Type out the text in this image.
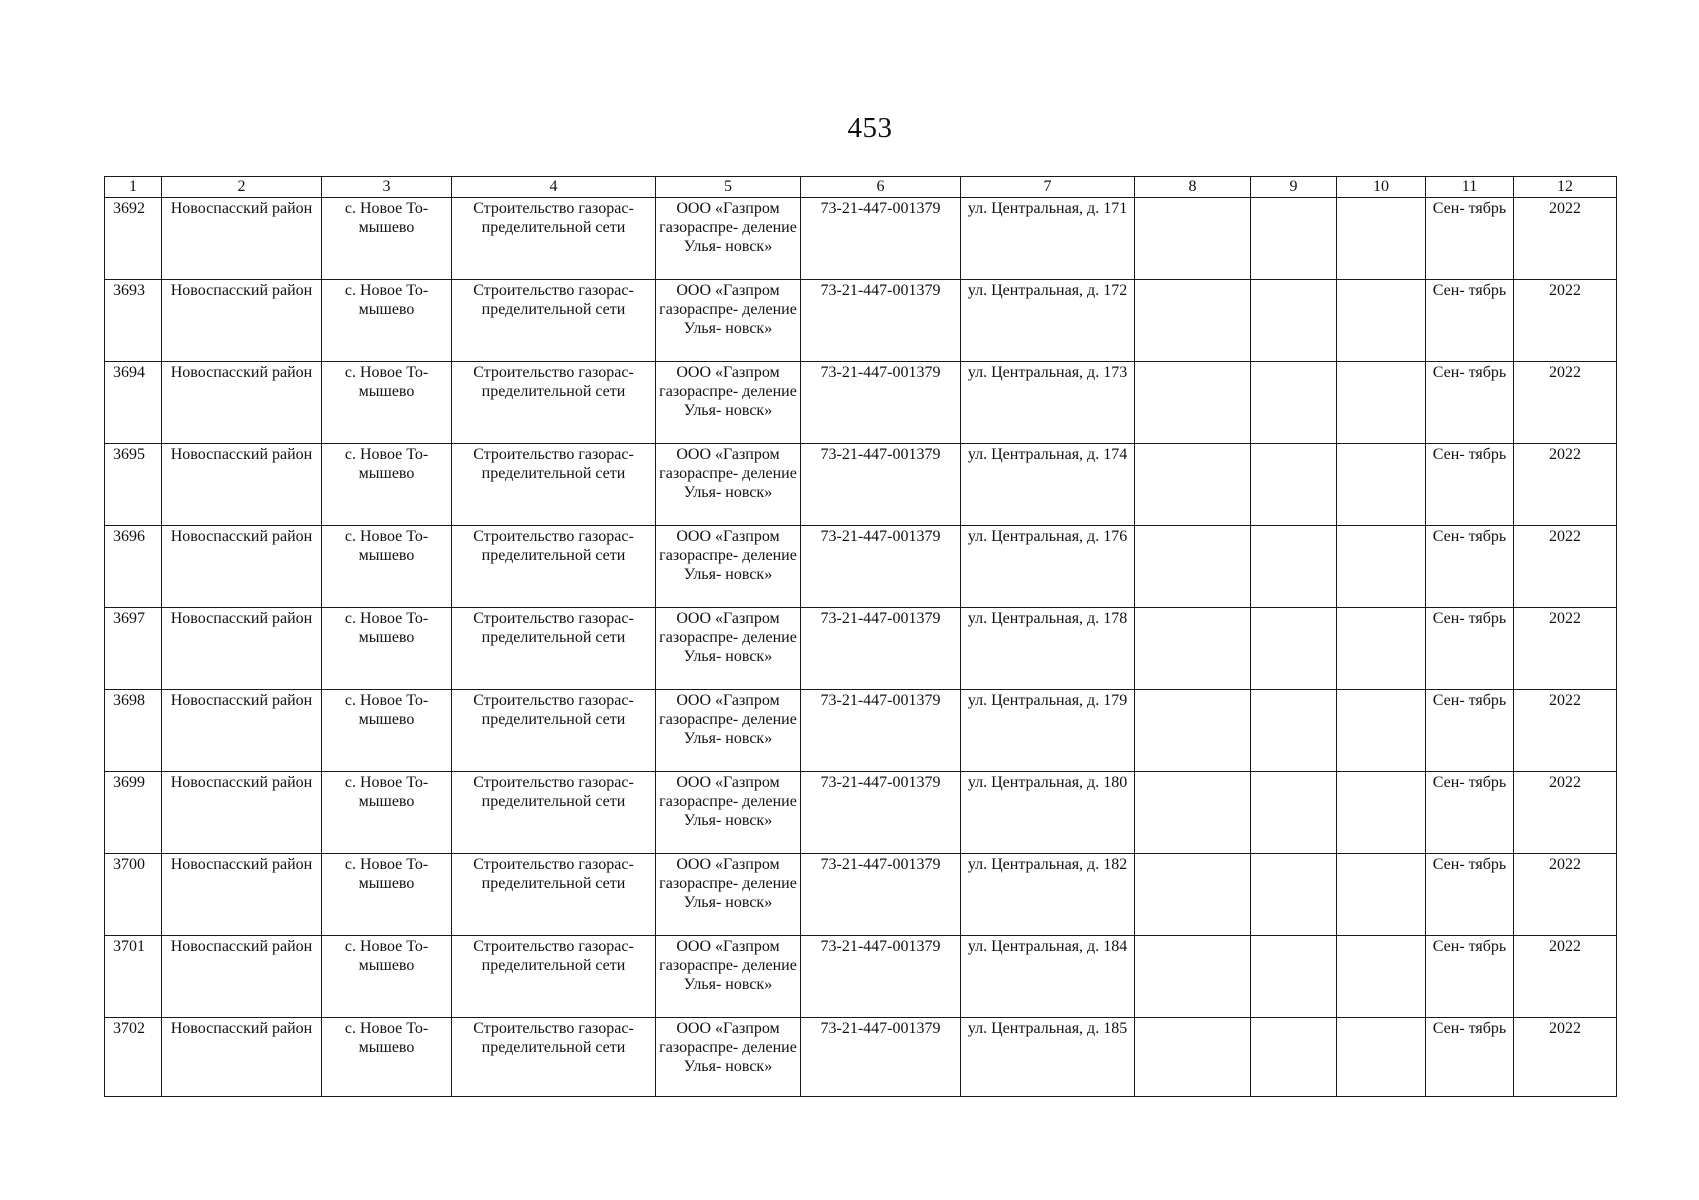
453
1	2	3	4	5	6	7	8	9	10	11	12
3692	Новоспасский район	с. Новое То- мышево	Строительство газорас- пределительной сети	ООО «Газпром газораспре- деление Улья- новск»	73-21-447-001379	ул. Центральная, д. 171				Сен- тябрь	2022
3693	Новоспасский район	с. Новое То- мышево	Строительство газорас- пределительной сети	ООО «Газпром газораспре- деление Улья- новск»	73-21-447-001379	ул. Центральная, д. 172				Сен- тябрь	2022
3694	Новоспасский район	с. Новое То- мышево	Строительство газорас- пределительной сети	ООО «Газпром газораспре- деление Улья- новск»	73-21-447-001379	ул. Центральная, д. 173				Сен- тябрь	2022
3695	Новоспасский район	с. Новое То- мышево	Строительство газорас- пределительной сети	ООО «Газпром газораспре- деление Улья- новск»	73-21-447-001379	ул. Центральная, д. 174				Сен- тябрь	2022
3696	Новоспасский район	с. Новое То- мышево	Строительство газорас- пределительной сети	ООО «Газпром газораспре- деление Улья- новск»	73-21-447-001379	ул. Центральная, д. 176				Сен- тябрь	2022
3697	Новоспасский район	с. Новое То- мышево	Строительство газорас- пределительной сети	ООО «Газпром газораспре- деление Улья- новск»	73-21-447-001379	ул. Центральная, д. 178				Сен- тябрь	2022
3698	Новоспасский район	с. Новое То- мышево	Строительство газорас- пределительной сети	ООО «Газпром газораспре- деление Улья- новск»	73-21-447-001379	ул. Центральная, д. 179				Сен- тябрь	2022
3699	Новоспасский район	с. Новое То- мышево	Строительство газорас- пределительной сети	ООО «Газпром газораспре- деление Улья- новск»	73-21-447-001379	ул. Центральная, д. 180				Сен- тябрь	2022
3700	Новоспасский район	с. Новое То- мышево	Строительство газорас- пределительной сети	ООО «Газпром газораспре- деление Улья- новск»	73-21-447-001379	ул. Центральная, д. 182				Сен- тябрь	2022
3701	Новоспасский район	с. Новое То- мышево	Строительство газорас- пределительной сети	ООО «Газпром газораспре- деление Улья- новск»	73-21-447-001379	ул. Центральная, д. 184				Сен- тябрь	2022
3702	Новоспасский район	с. Новое То- мышево	Строительство газорас- пределительной сети	ООО «Газпром газораспре- деление Улья- новск»	73-21-447-001379	ул. Центральная, д. 185				Сен- тябрь	2022
